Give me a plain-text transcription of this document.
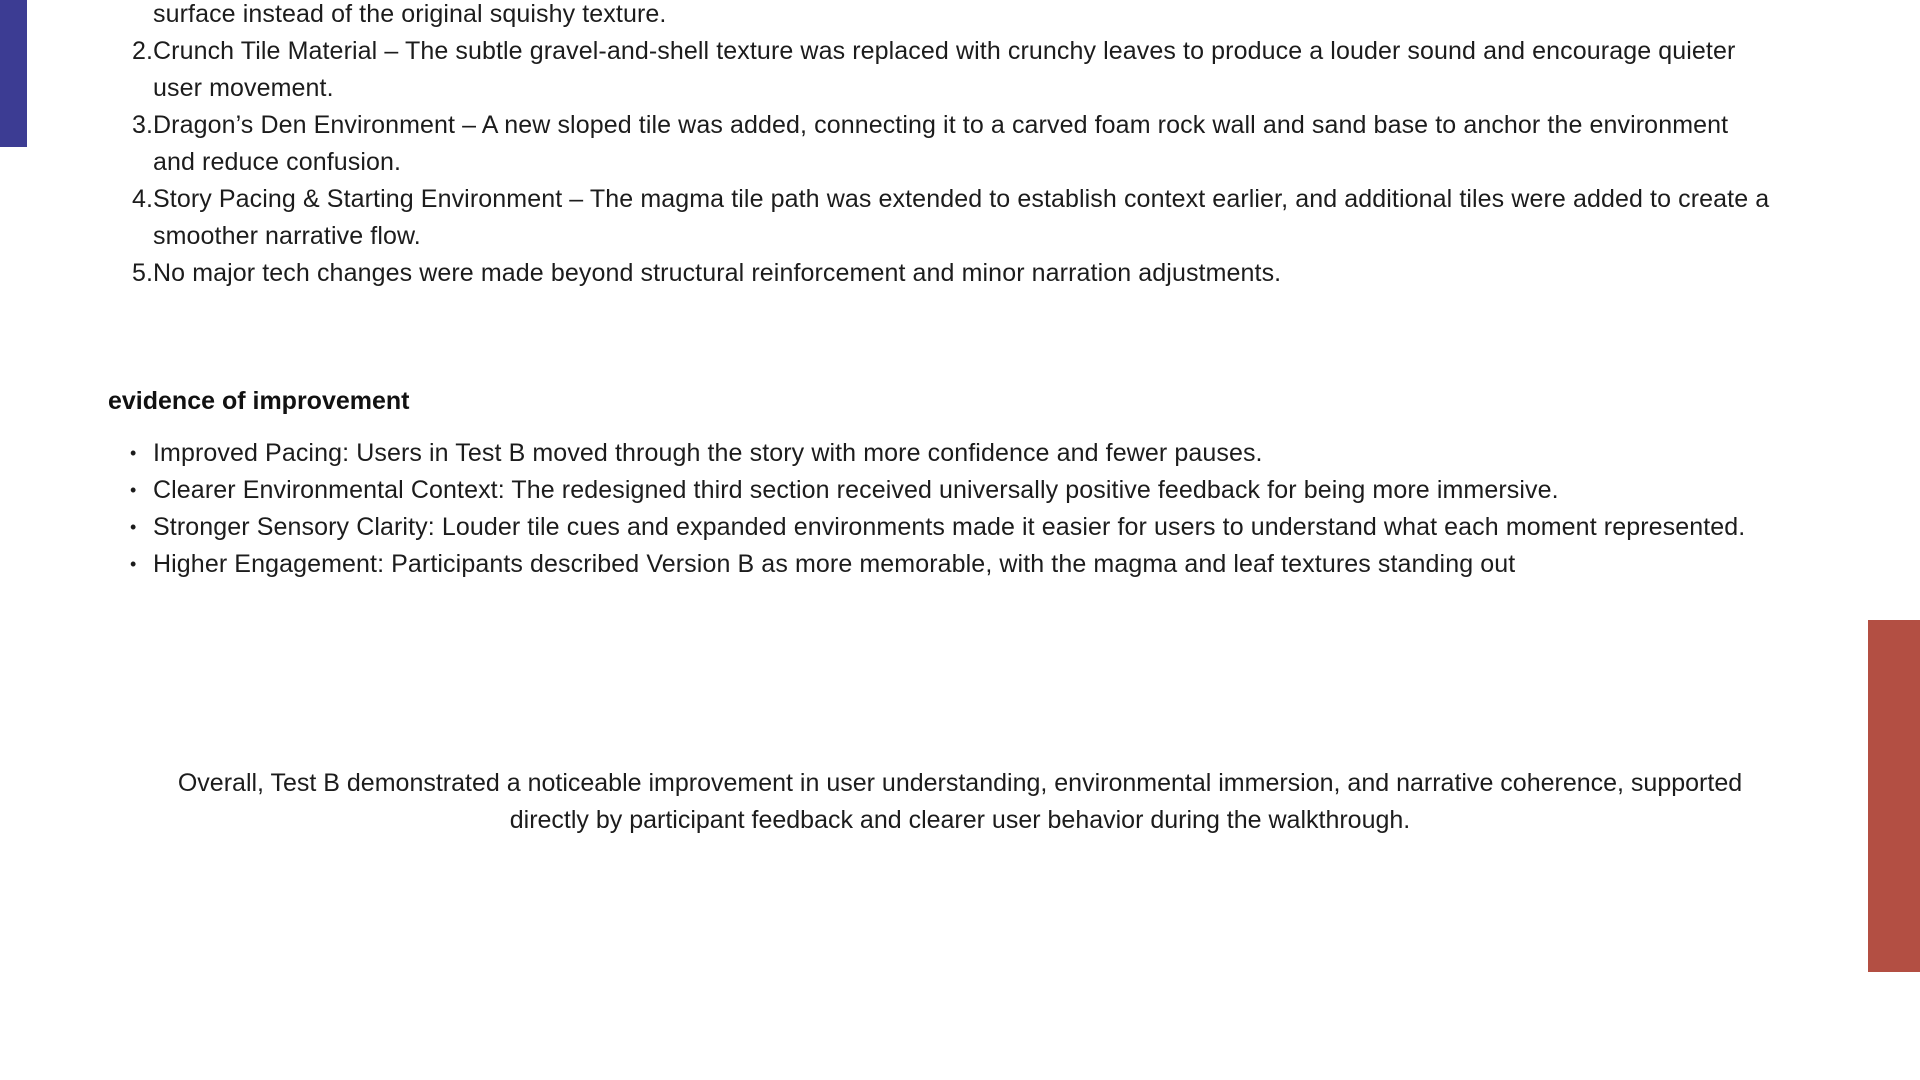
surface instead of the original squishy texture.
2. Crunch Tile Material – The subtle gravel-and-shell texture was replaced with crunchy leaves to produce a louder sound and encourage quieter user movement.
3. Dragon’s Den Environment – A new sloped tile was added, connecting it to a carved foam rock wall and sand base to anchor the environment and reduce confusion.
4. Story Pacing & Starting Environment – The magma tile path was extended to establish context earlier, and additional tiles were added to create a smoother narrative flow.
5. No major tech changes were made beyond structural reinforcement and minor narration adjustments.
evidence of improvement
• Improved Pacing: Users in Test B moved through the story with more confidence and fewer pauses.
• Clearer Environmental Context: The redesigned third section received universally positive feedback for being more immersive.
• Stronger Sensory Clarity: Louder tile cues and expanded environments made it easier for users to understand what each moment represented.
• Higher Engagement: Participants described Version B as more memorable, with the magma and leaf textures standing out
Overall, Test B demonstrated a noticeable improvement in user understanding, environmental immersion, and narrative coherence, supported directly by participant feedback and clearer user behavior during the walkthrough.
